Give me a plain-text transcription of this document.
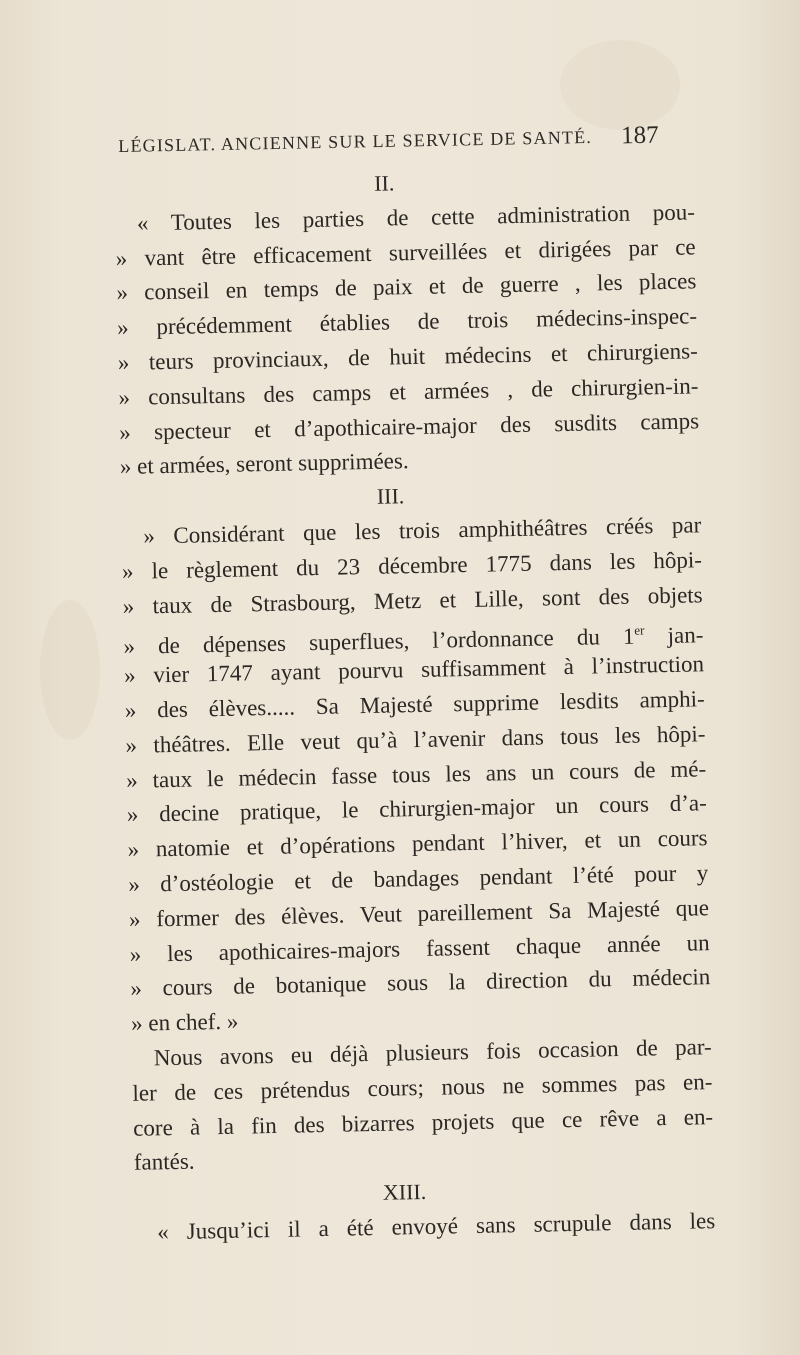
LÉGISLAT. ANCIENNE SUR LE SERVICE DE SANTÉ. 187
II.
« Toutes les parties de cette administration pou-
» vant être efficacement surveillées et dirigées par ce
» conseil en temps de paix et de guerre , les places
» précédemment établies de trois médecins-inspec-
» teurs provinciaux, de huit médecins et chirurgiens-
» consultans des camps et armées , de chirurgien-in-
» specteur et d’apothicaire-major des susdits camps
» et armées, seront supprimées.
III.
» Considérant que les trois amphithéâtres créés par
» le règlement du 23 décembre 1775 dans les hôpi-
» taux de Strasbourg, Metz et Lille, sont des objets
» de dépenses superflues, l’ordonnance du 1er jan-
» vier 1747 ayant pourvu suffisamment à l’instruction
» des élèves..... Sa Majesté supprime lesdits amphi-
» théâtres. Elle veut qu’à l’avenir dans tous les hôpi-
» taux le médecin fasse tous les ans un cours de mé-
» decine pratique, le chirurgien-major un cours d’a-
» natomie et d’opérations pendant l’hiver, et un cours
» d’ostéologie et de bandages pendant l’été pour y
» former des élèves. Veut pareillement Sa Majesté que
» les apothicaires-majors fassent chaque année un
» cours de botanique sous la direction du médecin
» en chef. »
Nous avons eu déjà plusieurs fois occasion de par-
ler de ces prétendus cours; nous ne sommes pas en-
core à la fin des bizarres projets que ce rêve a en-
fantés.
XIII.
« Jusqu’ici il a été envoyé sans scrupule dans les
